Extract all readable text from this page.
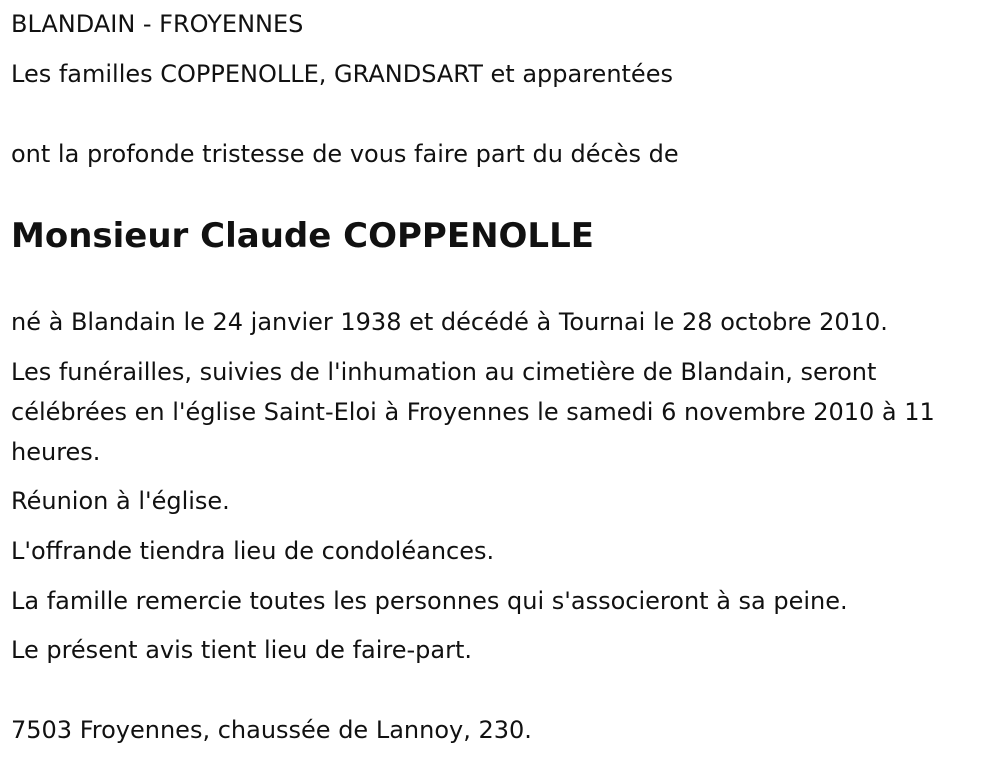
BLANDAIN - FROYENNES

Les familles COPPENOLLE, GRANDSART et apparentées

ont la profonde tristesse de vous faire part du décès de

Monsieur Claude COPPENOLLE

né à Blandain le 24 janvier 1938 et décédé à Tournai le 28 octobre 2010.

Les funérailles, suivies de l'inhumation au cimetière de Blandain, seront célébrées en l'église Saint-Eloi à Froyennes le samedi 6 novembre 2010 à 11 heures.

Réunion à l'église.

L'offrande tiendra lieu de condoléances.

La famille remercie toutes les personnes qui s'associeront à sa peine.

Le présent avis tient lieu de faire-part.

7503 Froyennes, chaussée de Lannoy, 230.
